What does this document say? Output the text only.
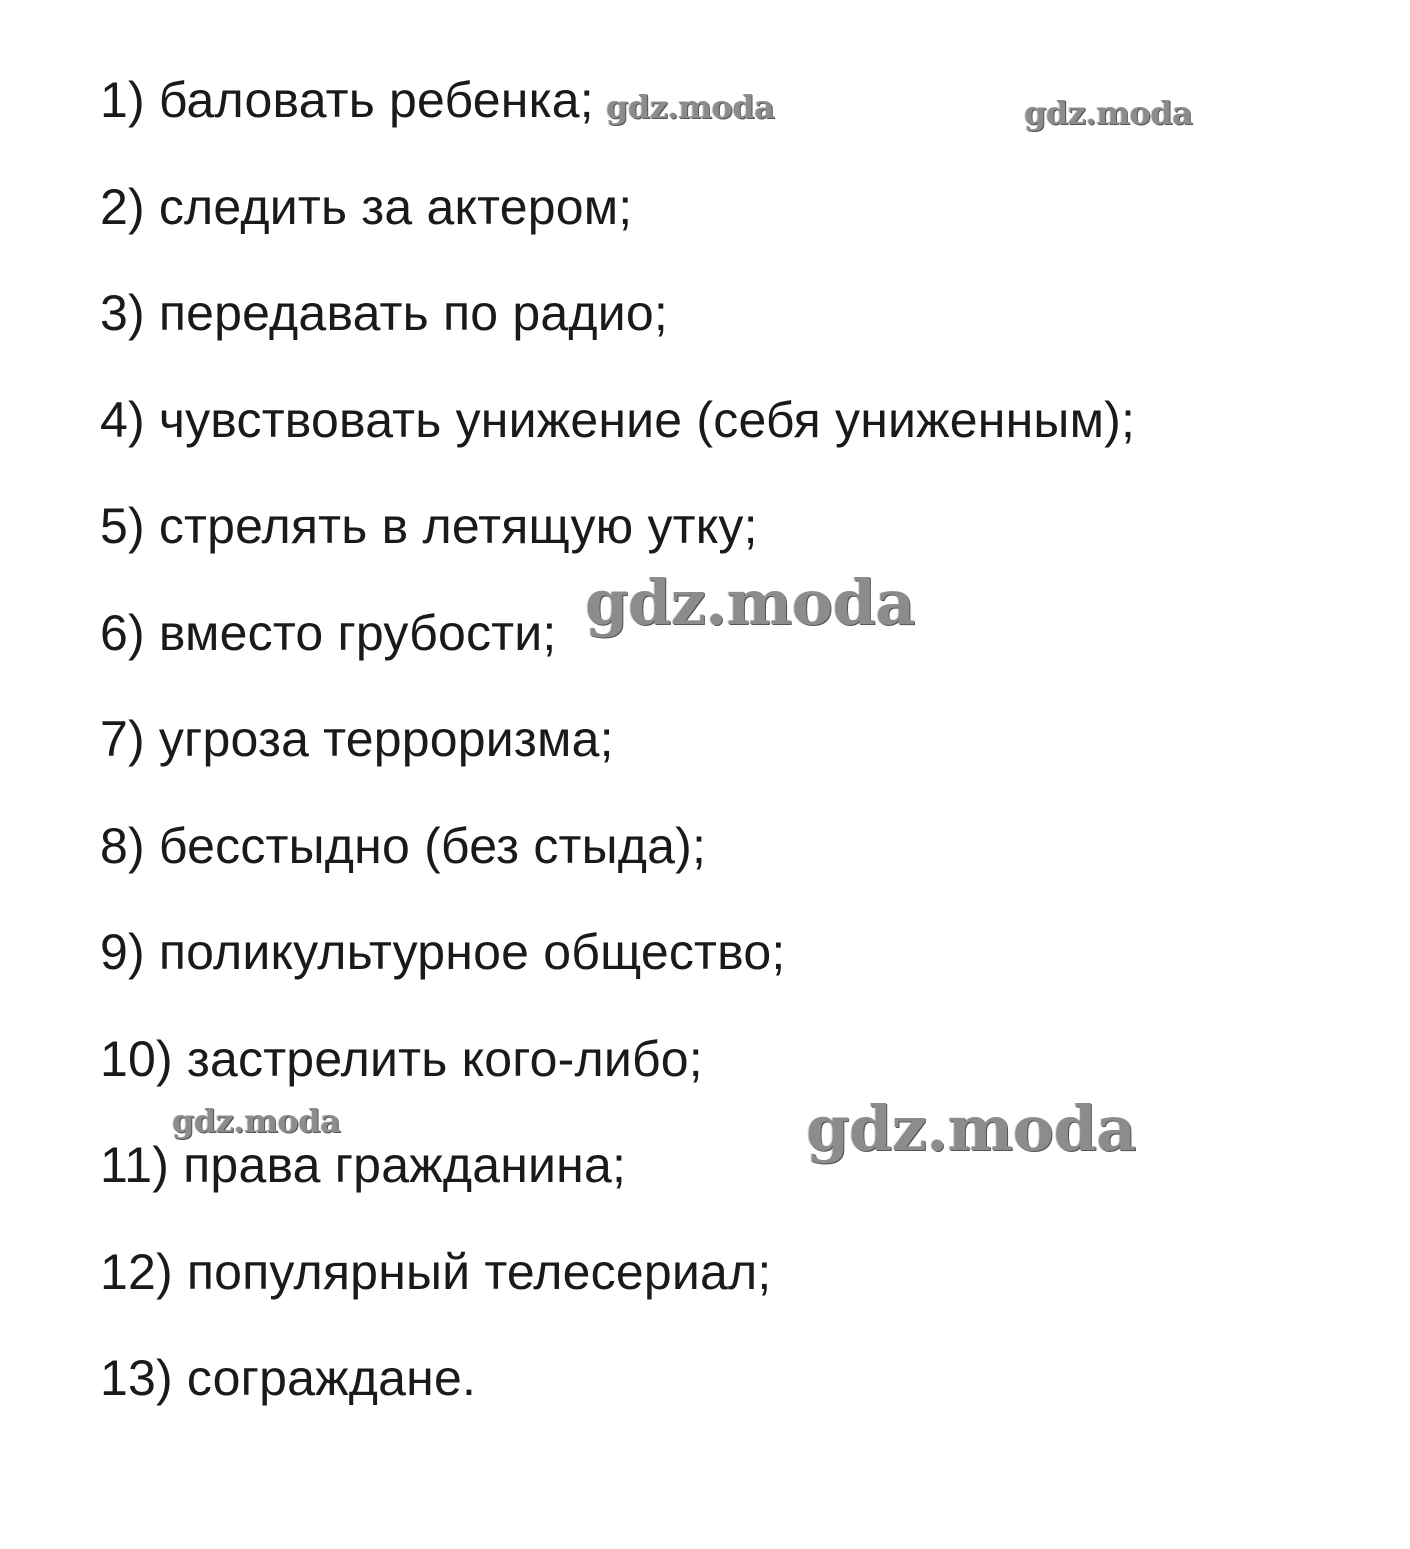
1) баловать ребенка;
2) следить за актером;
3) передавать по радио;
4) чувствовать унижение (себя униженным);
5) стрелять в летящую утку;
6) вместо грубости;
7) угроза терроризма;
8) бесстыдно (без стыда);
9) поликультурное общество;
10) застрелить кого-либо;
11) права гражданина;
12) популярный телесериал;
13) сограждане.
gdz.moda	gdz.moda
gdz.moda
gdz.moda	gdz.moda
